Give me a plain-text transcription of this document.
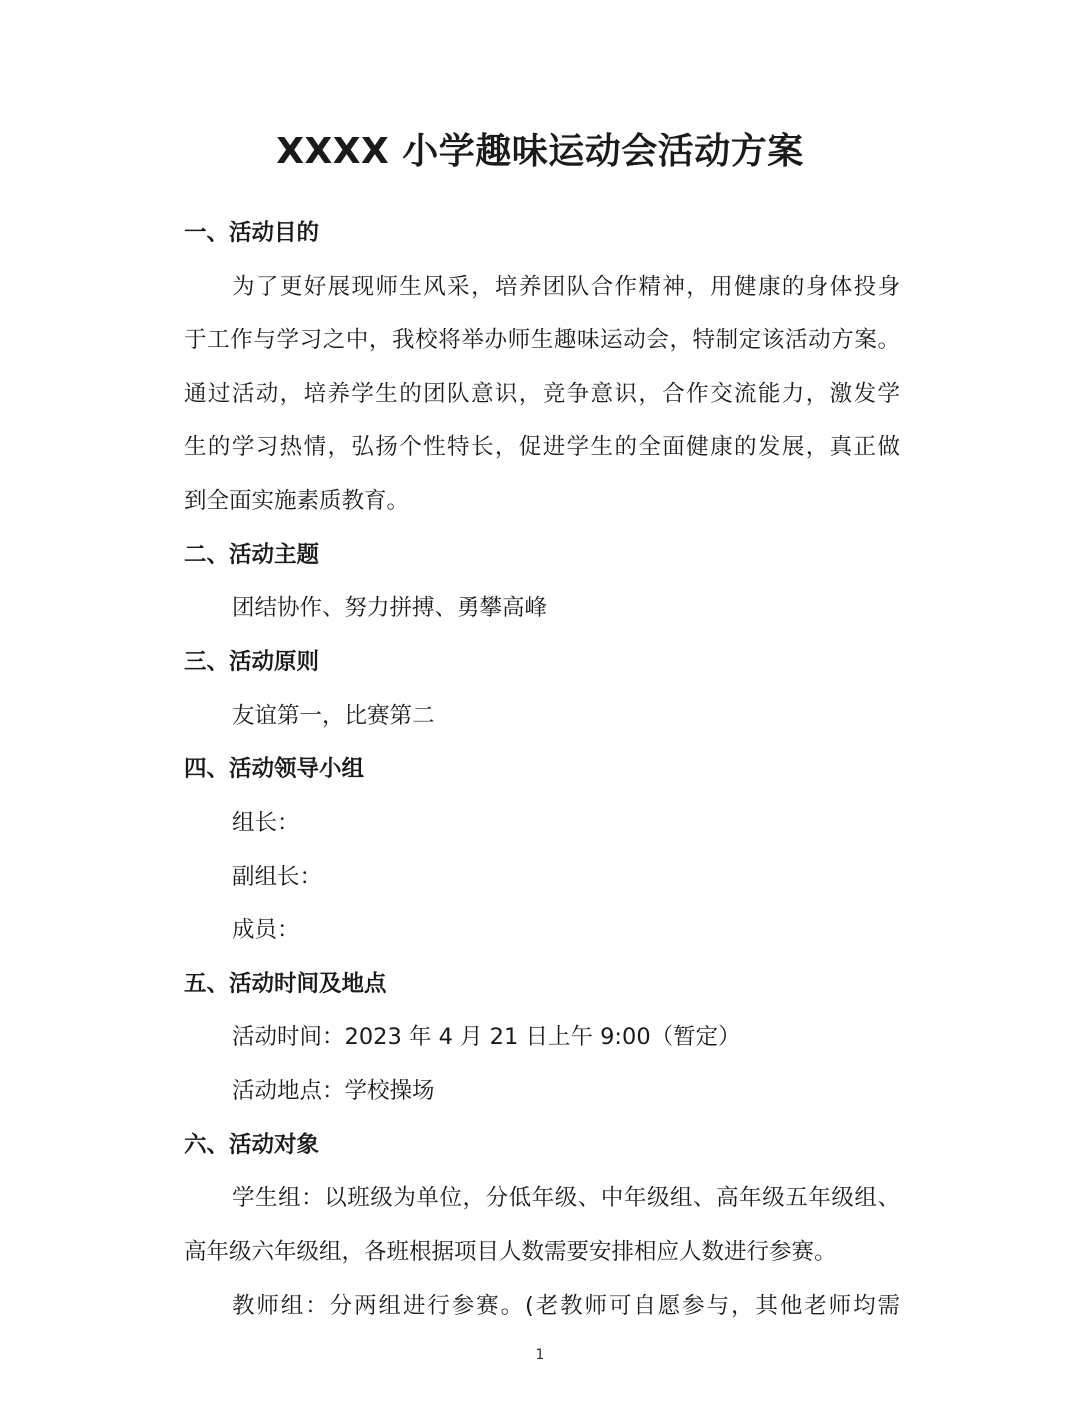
XXXX 小学趣味运动会活动方案
一、活动目的
为了更好展现师生风采，培养团队合作精神，用健康的身体投身
于工作与学习之中，我校将举办师生趣味运动会，特制定该活动方案。
通过活动，培养学生的团队意识，竞争意识，合作交流能力，激发学
生的学习热情，弘扬个性特长，促进学生的全面健康的发展，真正做
到全面实施素质教育。
二、活动主题
团结协作、努力拼搏、勇攀高峰
三、活动原则
友谊第一，比赛第二
四、活动领导小组
组长：
副组长：
成员：
五、活动时间及地点
活动时间：2023 年 4 月 21 日上午 9:00（暂定）
活动地点：学校操场
六、活动对象
学生组：以班级为单位，分低年级、中年级组、高年级五年级组、
高年级六年级组，各班根据项目人数需要安排相应人数进行参赛。
教师组：分两组进行参赛。(老教师可自愿参与，其他老师均需
1
